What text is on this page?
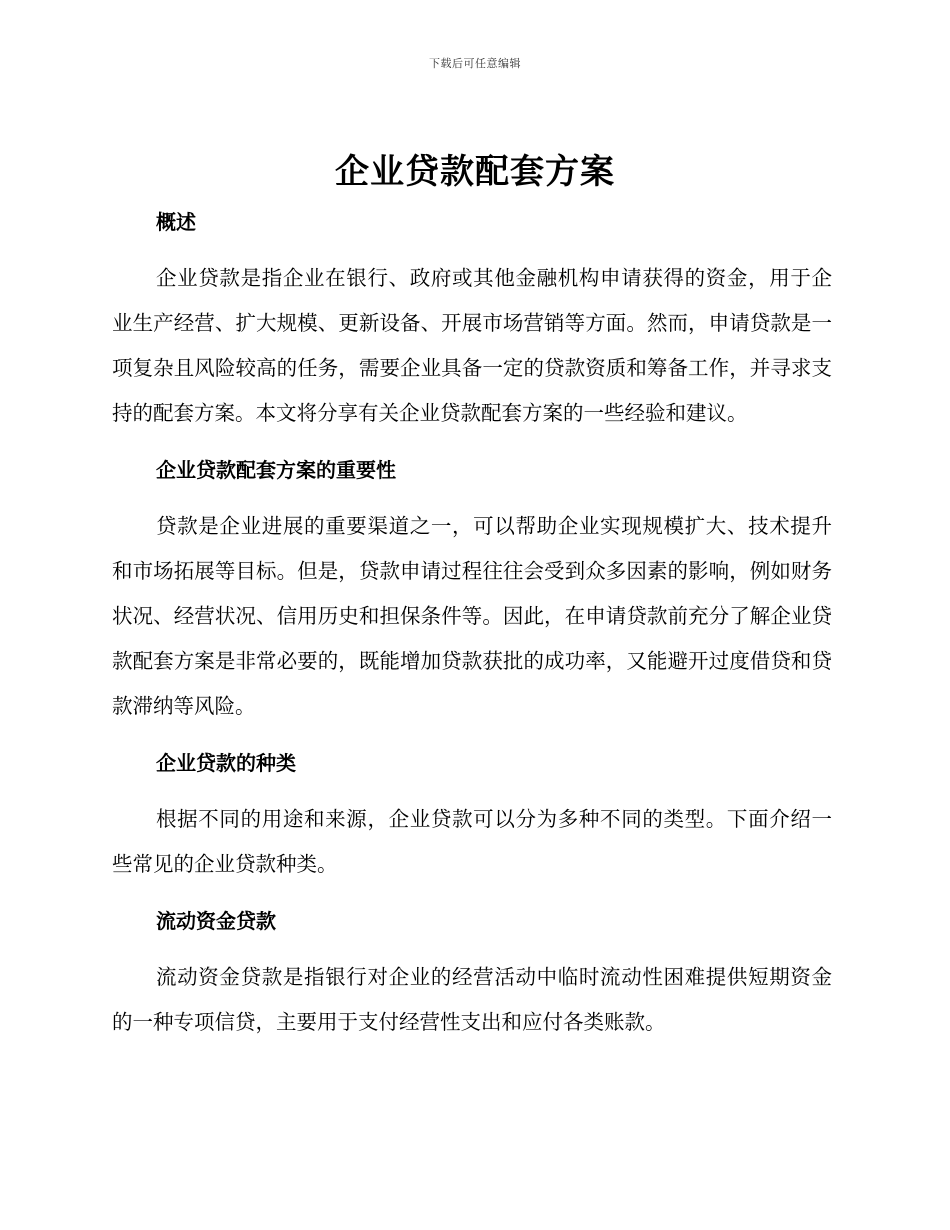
下载后可任意编辑
企业贷款配套方案
概述

企业贷款是指企业在银行、政府或其他金融机构申请获得的资金，用于企业生产经营、扩大规模、更新设备、开展市场营销等方面。然而，申请贷款是一项复杂且风险较高的任务，需要企业具备一定的贷款资质和筹备工作，并寻求支持的配套方案。本文将分享有关企业贷款配套方案的一些经验和建议。

企业贷款配套方案的重要性

贷款是企业进展的重要渠道之一，可以帮助企业实现规模扩大、技术提升和市场拓展等目标。但是，贷款申请过程往往会受到众多因素的影响，例如财务状况、经营状况、信用历史和担保条件等。因此，在申请贷款前充分了解企业贷款配套方案是非常必要的，既能增加贷款获批的成功率，又能避开过度借贷和贷款滞纳等风险。

企业贷款的种类

根据不同的用途和来源，企业贷款可以分为多种不同的类型。下面介绍一些常见的企业贷款种类。

流动资金贷款

流动资金贷款是指银行对企业的经营活动中临时流动性困难提供短期资金的一种专项信贷，主要用于支付经营性支出和应付各类账款。
